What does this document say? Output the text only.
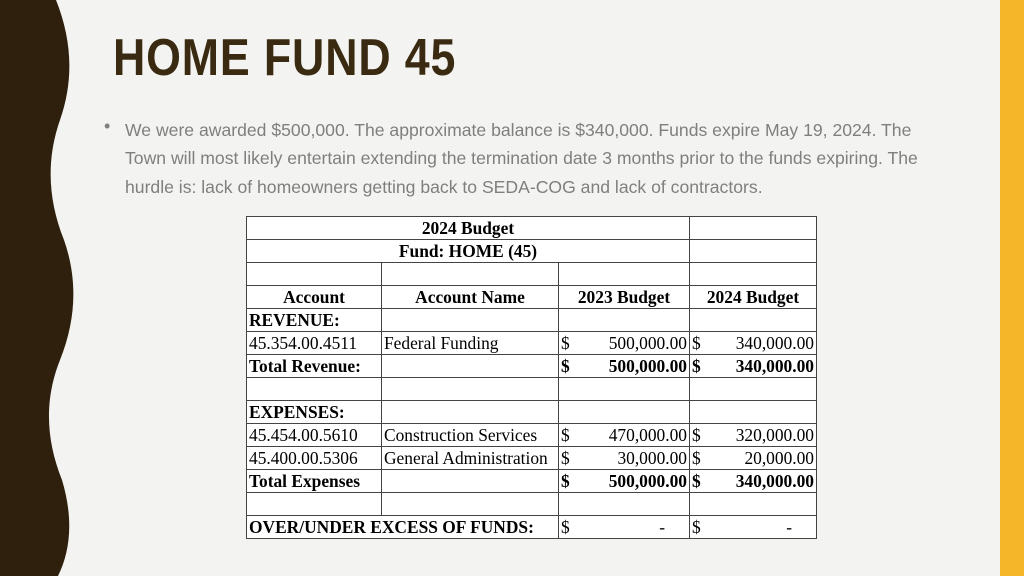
HOME FUND 45
• We were awarded $500,000. The approximate balance is $340,000. Funds expire May 19, 2024. The Town will most likely entertain extending the termination date 3 months prior to the funds expiring. The hurdle is: lack of homeowners getting back to SEDA-COG and lack of contractors.
2024 Budget			
Fund: HOME (45)			

Account	Account Name	2023 Budget	2024 Budget
REVENUE:			
45.354.00.4511	Federal Funding	$ 500,000.00	$ 340,000.00

Total Revenue:		$ 500,000.00	$ 340,000.00

EXPENSES:			
45.454.00.5610	Construction Services	$ 470,000.00	$ 320,000.00

45.400.00.5306	General Administration	$ 30,000.00	$ 20,000.00

Total Expenses		$ 500,000.00	$ 340,000.00

OVER/UNDER EXCESS OF FUNDS:		$ -	$ -
